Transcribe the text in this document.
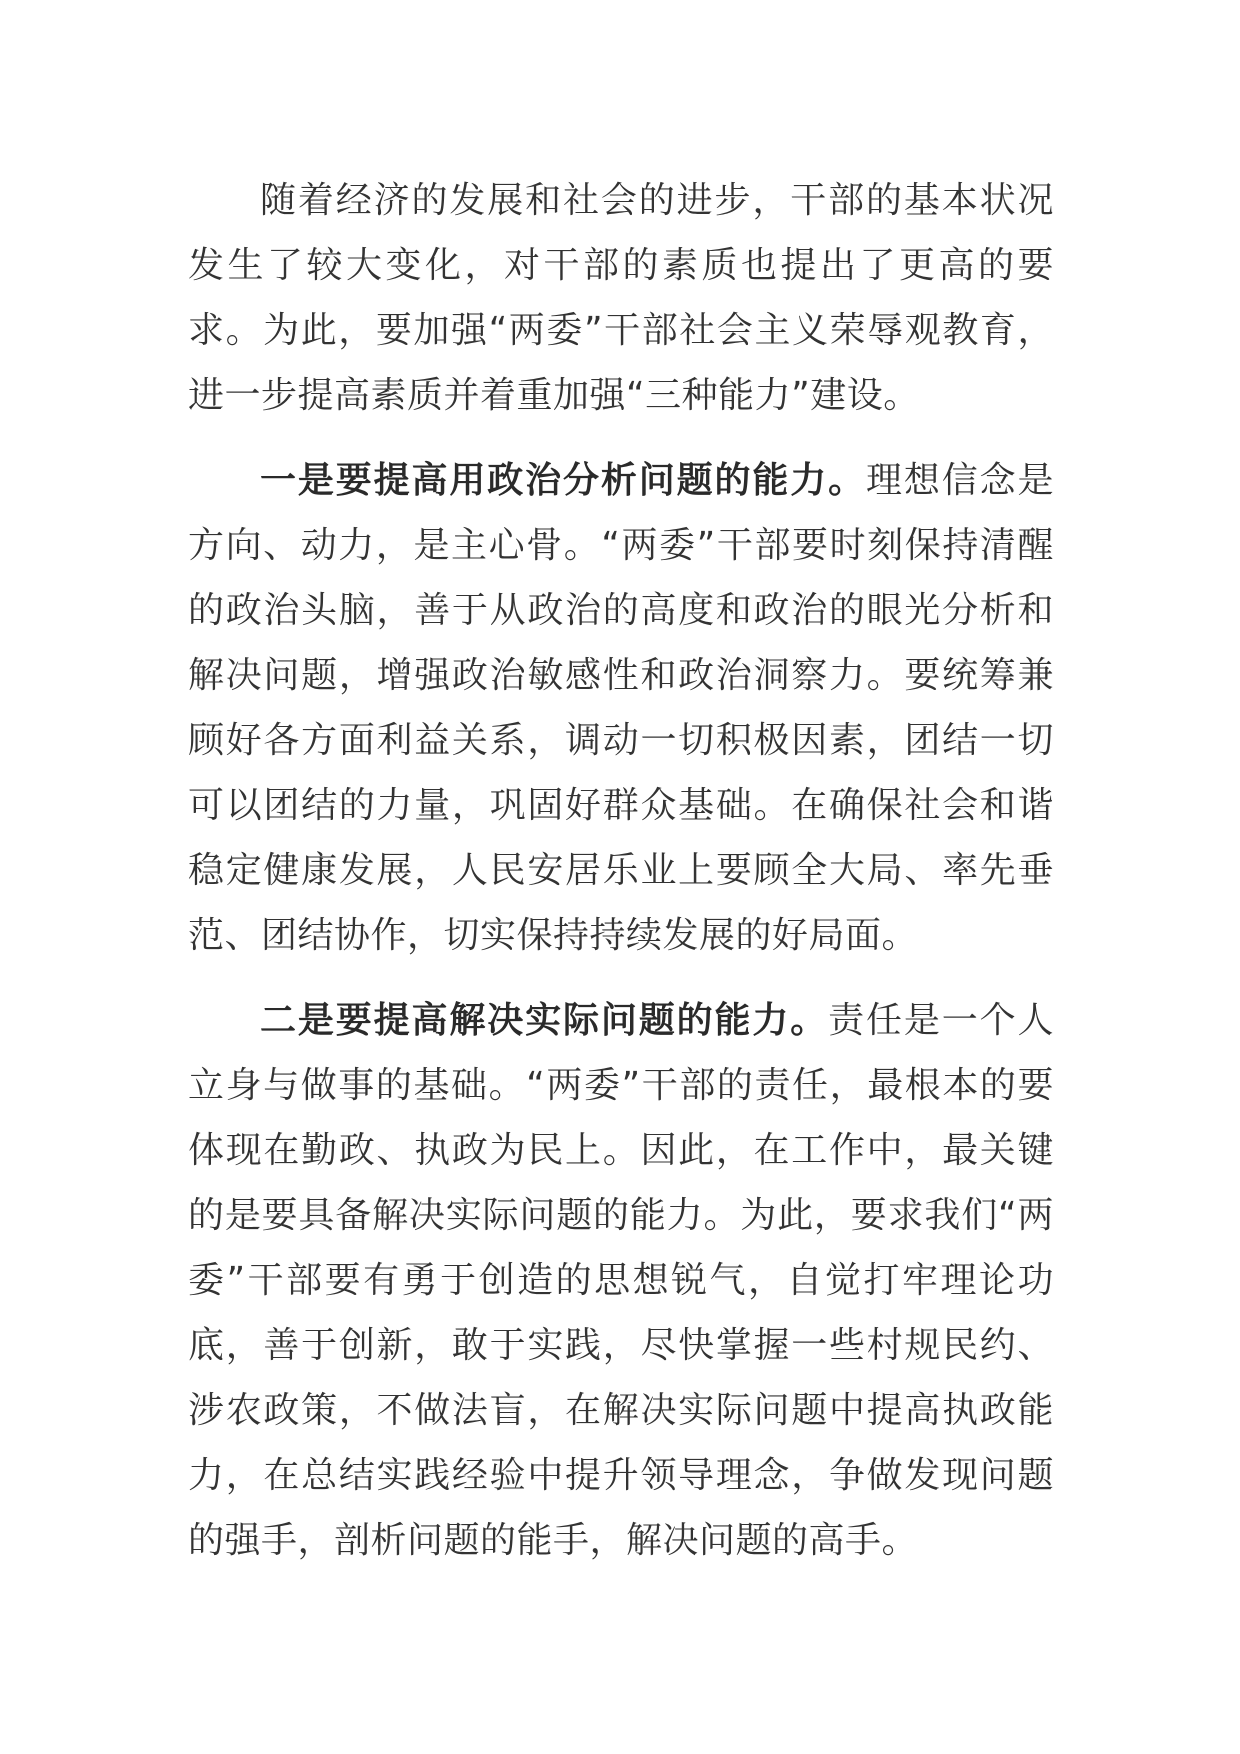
随着经济的发展和社会的进步，干部的基本状况发生了较大变化，对干部的素质也提出了更高的要求。为此，要加强“两委”干部社会主义荣辱观教育，进一步提高素质并着重加强“三种能力”建设。

一是要提高用政治分析问题的能力。理想信念是方向、动力，是主心骨。“两委”干部要时刻保持清醒的政治头脑，善于从政治的高度和政治的眼光分析和解决问题，增强政治敏感性和政治洞察力。要统筹兼顾好各方面利益关系，调动一切积极因素，团结一切可以团结的力量，巩固好群众基础。在确保社会和谐稳定健康发展，人民安居乐业上要顾全大局、率先垂范、团结协作，切实保持持续发展的好局面。

二是要提高解决实际问题的能力。责任是一个人立身与做事的基础。“两委”干部的责任，最根本的要体现在勤政、执政为民上。因此，在工作中，最关键的是要具备解决实际问题的能力。为此，要求我们“两委”干部要有勇于创造的思想锐气，自觉打牢理论功底，善于创新，敢于实践，尽快掌握一些村规民约、涉农政策，不做法盲，在解决实际问题中提高执政能力，在总结实践经验中提升领导理念，争做发现问题的强手，剖析问题的能手，解决问题的高手。
